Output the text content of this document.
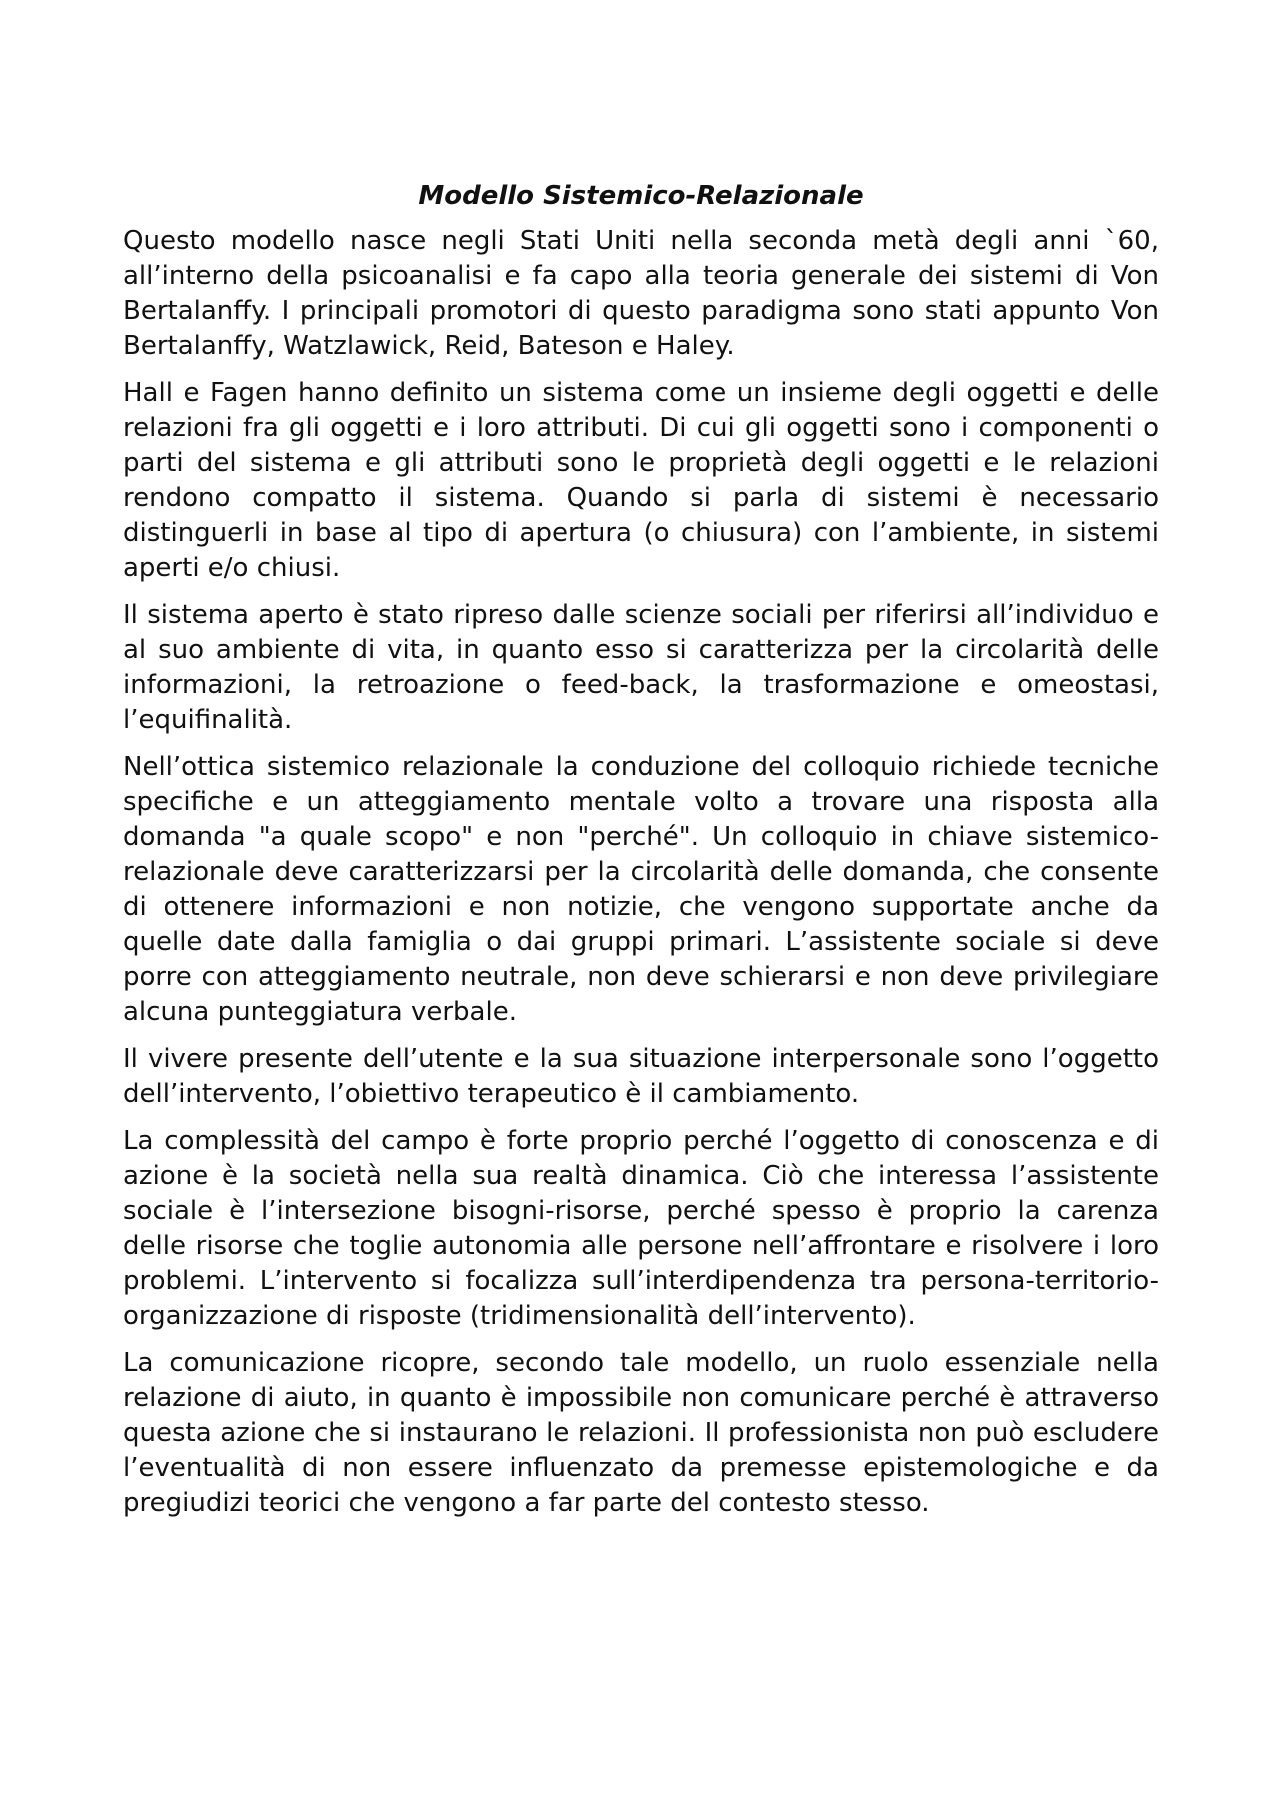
Modello Sistemico-Relazionale

Questo modello nasce negli Stati Uniti nella seconda metà degli anni `60, all’interno della psicoanalisi e fa capo alla teoria generale dei sistemi di Von Bertalanffy. I principali promotori di questo paradigma sono stati appunto Von Bertalanffy, Watzlawick, Reid, Bateson e Haley.

Hall e Fagen hanno definito un sistema come un insieme degli oggetti e delle relazioni fra gli oggetti e i loro attributi. Di cui gli oggetti sono i componenti o parti del sistema e gli attributi sono le proprietà degli oggetti e le relazioni rendono compatto il sistema. Quando si parla di sistemi è necessario distinguerli in base al tipo di apertura (o chiusura) con l’ambiente, in sistemi aperti e/o chiusi.

Il sistema aperto è stato ripreso dalle scienze sociali per riferirsi all’individuo e al suo ambiente di vita, in quanto esso si caratterizza per la circolarità delle informazioni, la retroazione o feed-back, la trasformazione e omeostasi, l’equifinalità.

Nell’ottica sistemico relazionale la conduzione del colloquio richiede tecniche specifiche e un atteggiamento mentale volto a trovare una risposta alla domanda "a quale scopo" e non "perché". Un colloquio in chiave sistemico-relazionale deve caratterizzarsi per la circolarità delle domanda, che consente di ottenere informazioni e non notizie, che vengono supportate anche da quelle date dalla famiglia o dai gruppi primari. L’assistente sociale si deve porre con atteggiamento neutrale, non deve schierarsi e non deve privilegiare alcuna punteggiatura verbale.

Il vivere presente dell’utente e la sua situazione interpersonale sono l’oggetto dell’intervento, l’obiettivo terapeutico è il cambiamento.

La complessità del campo è forte proprio perché l’oggetto di conoscenza e di azione è la società nella sua realtà dinamica. Ciò che interessa l’assistente sociale è l’intersezione bisogni-risorse, perché spesso è proprio la carenza delle risorse che toglie autonomia alle persone nell’affrontare e risolvere i loro problemi. L’intervento si focalizza sull’interdipendenza tra persona-territorio-organizzazione di risposte (tridimensionalità dell’intervento).

La comunicazione ricopre, secondo tale modello, un ruolo essenziale nella relazione di aiuto, in quanto è impossibile non comunicare perché è attraverso questa azione che si instaurano le relazioni. Il professionista non può escludere l’eventualità di non essere influenzato da premesse epistemologiche e da pregiudizi teorici che vengono a far parte del contesto stesso.
